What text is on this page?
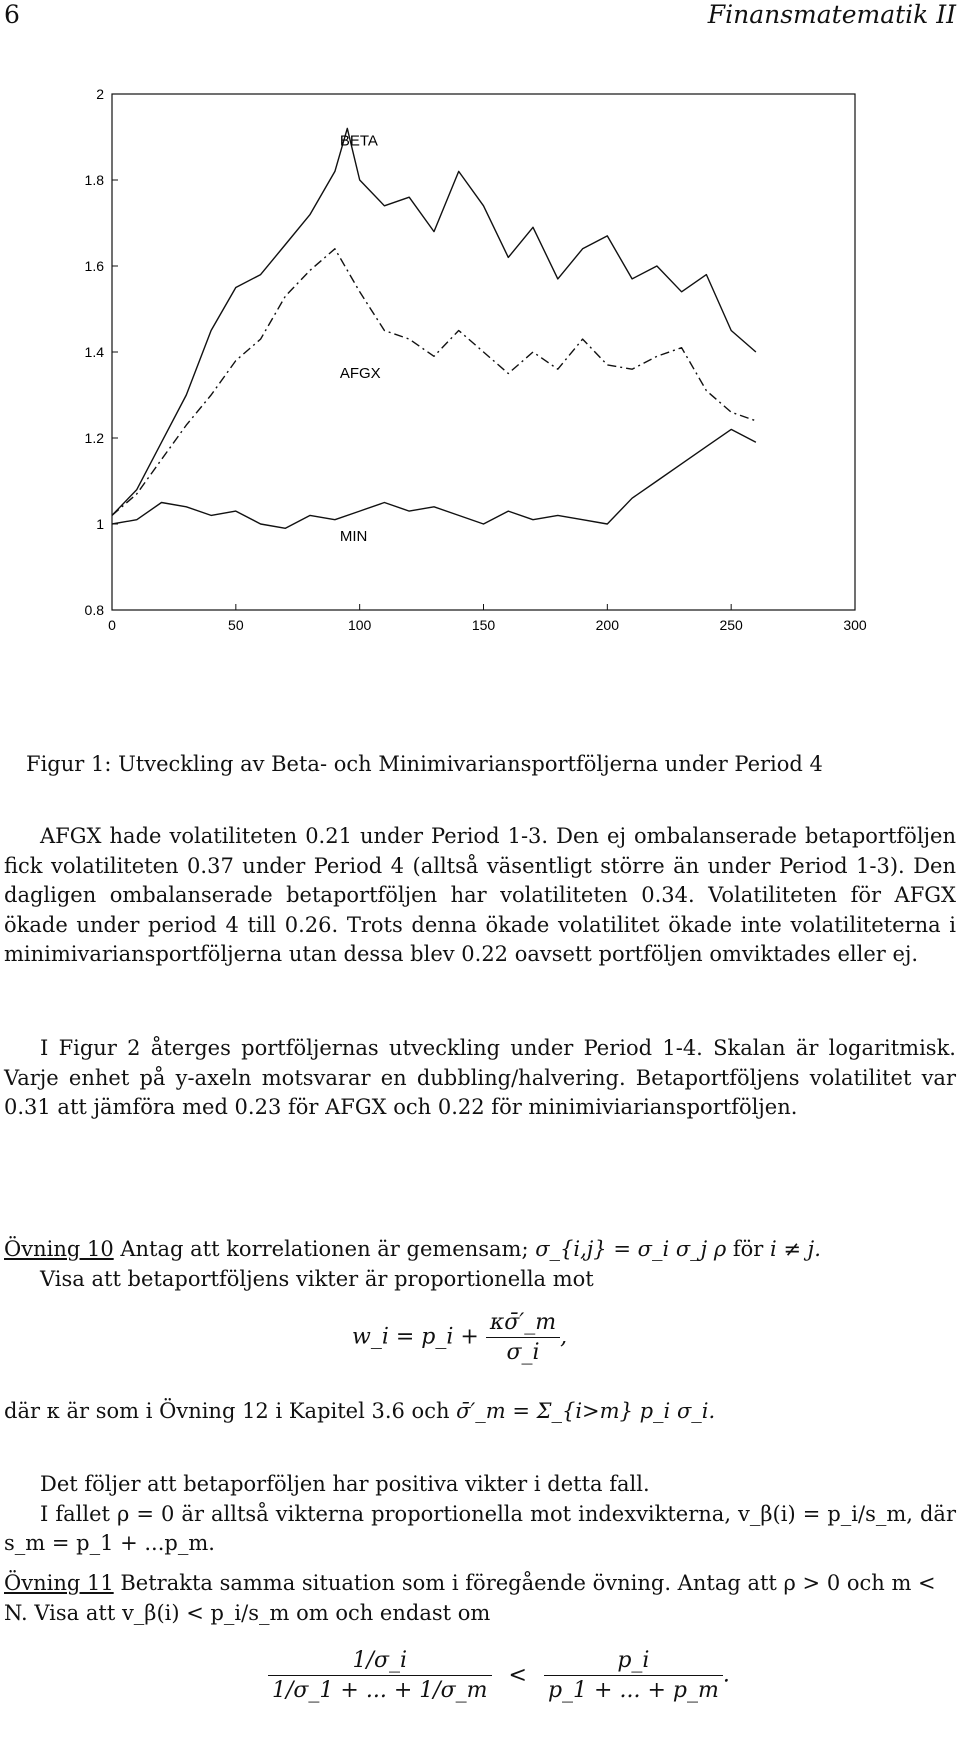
6	Finansmatematik II
0	50	100	150	200	250	300
0.8
1
1.2
1.4
1.6
1.8
2
BETA
AFGX
MIN
Figur 1: Utveckling av Beta- och Minimivariansportföljerna under Period 4

AFGX hade volatiliteten 0.21 under Period 1-3. Den ej ombalanserade betaportföljen fick volatiliteten 0.37 under Period 4 (alltså väsentligt större än under Period 1-3). Den dagligen ombalanserade betaportföljen har volatiliteten 0.34. Volatiliteten för AFGX ökade under period 4 till 0.26. Trots denna ökade volatilitet ökade inte volatiliteterna i minimivariansportföljerna utan dessa blev 0.22 oavsett portföljen omviktades eller ej.

I Figur 2 återges portföljernas utveckling under Period 1-4. Skalan är logaritmisk. Varje enhet på y-axeln motsvarar en dubbling/halvering. Betaportföljens volatilitet var 0.31 att jämföra med 0.23 för AFGX och 0.22 för minimiviariansportföljen.

Övning 10 Antag att korrelationen är gemensam; σ_{i,j} = σ_i σ_j ρ för i ≠ j.

Visa att betaportföljens vikter är proportionella mot

w_i = p_i + $\frac{\kappa\sigmā'\_m}{\sigma\_i}$ ,

där κ är som i Övning 12 i Kapitel 3.6 och σ̄′_m = Σ_{i>m} p_i σ_i.

Det följer att betaporföljen har positiva vikter i detta fall.

I fallet ρ = 0 är alltså vikterna proportionella mot indexvikterna, v_β(i) = p_i/s_m, där s_m = p_1 + ...p_m.

Övning 11 Betrakta samma situation som i föregående övning. Antag att ρ > 0 och m < N. Visa att v_β(i) < p_i/s_m om och endast om

$\frac{1/\sigma\_i}{1/\sigma\_1 + ... + 1/\sigma\_m} < \frac{p\_i}{p\_1 + ... + p\_m}$ .
